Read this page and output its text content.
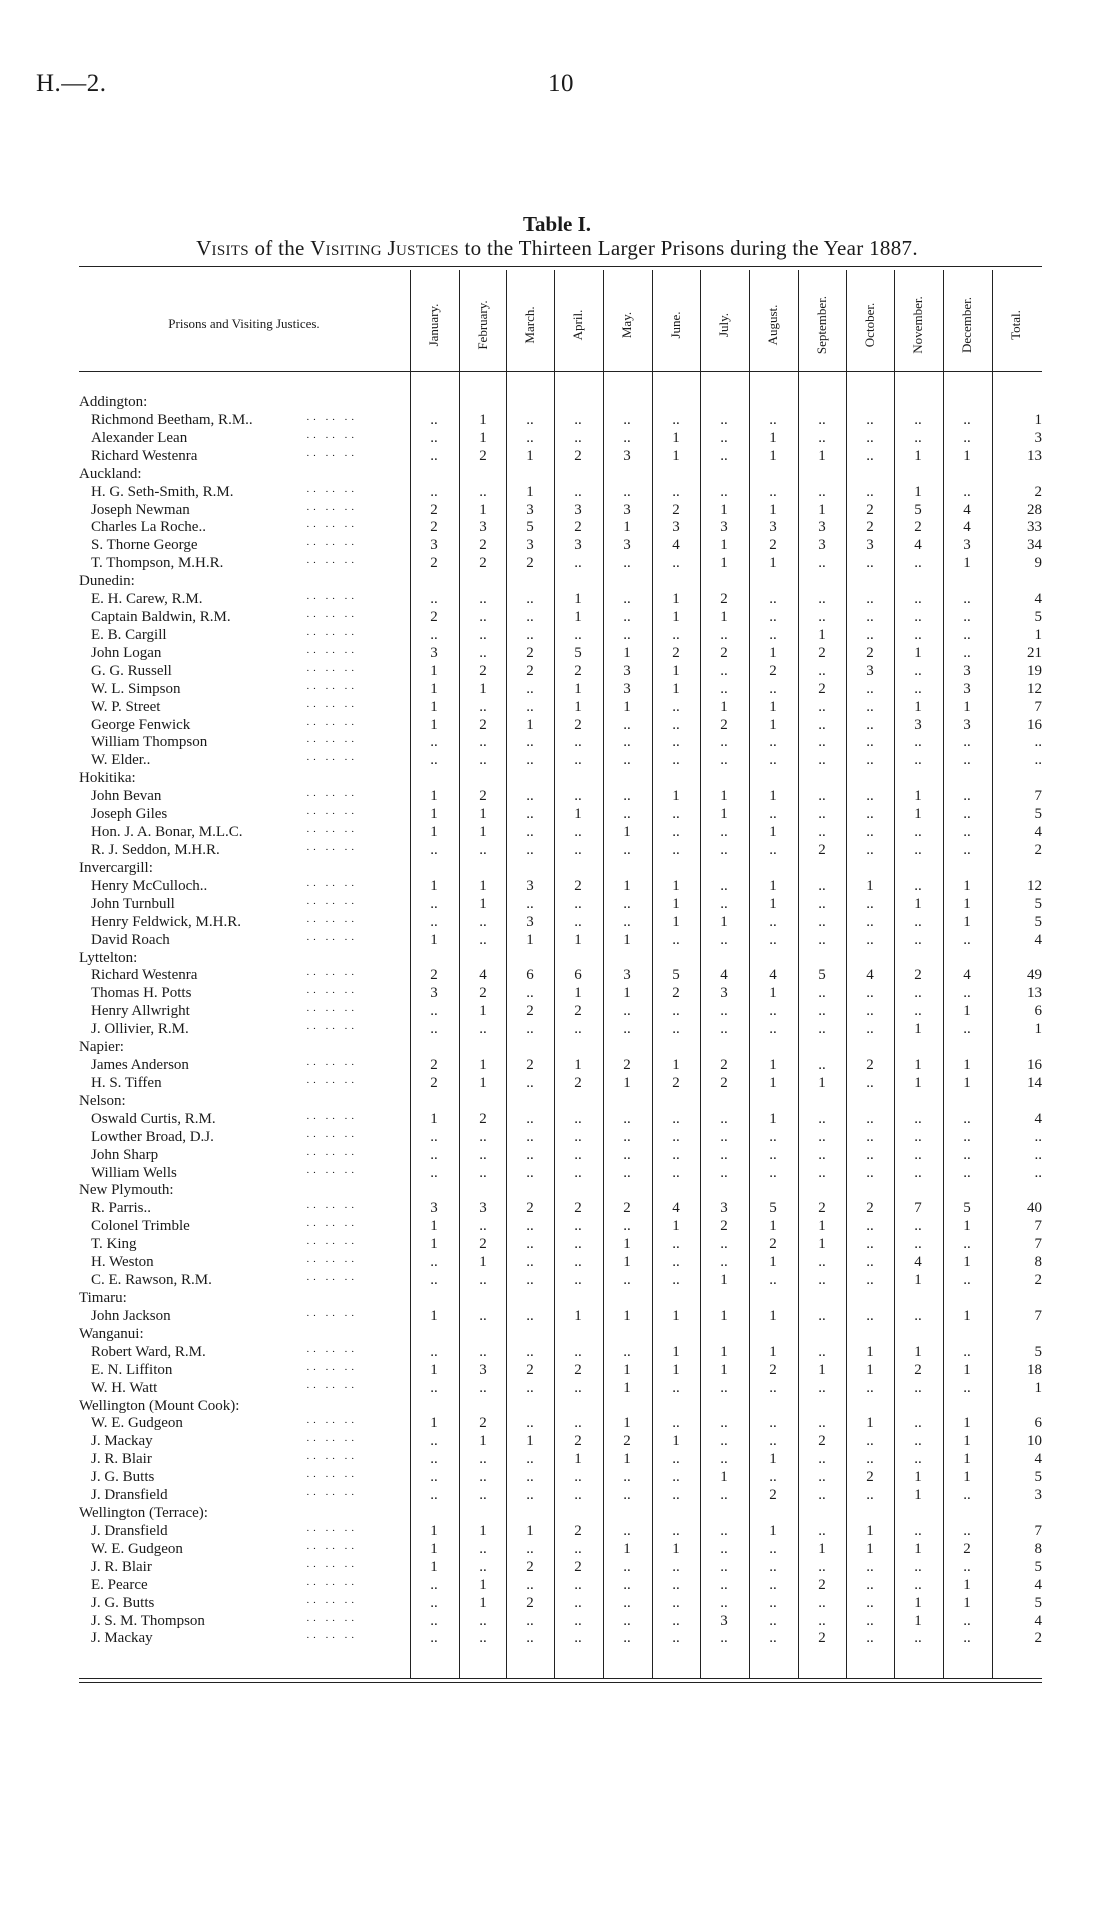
H.—2.	10
Table I.
Visits of the Visiting Justices to the Thirteen Larger Prisons during the Year 1887.
Prisons and Visiting Justices.	January.	February. March.	April.	May.	June.	July.	August.	September.	October.	November.	December.	Total.
Addington:
Richmond Beetham, R.M..	·· ·· ··	..	1	..	..	..	..	..	..	..	..	..	..	1
Alexander Lean	·· ·· ··	..	1	..	..	..	1	..	1	..	..	..	..	3
Richard Westenra	·· ·· ··	..	2	1	2	3	1	..	1	1	..	1	1	13
Auckland:
H. G. Seth-Smith, R.M.	·· ·· ··	..	..	1	..	..	..	..	..	..	..	1	..	2
Joseph Newman	·· ·· ··	2	1	3	3	3	2	1	1	1	2	5	4	28
Charles La Roche..	·· ·· ··	2	3	5	2	1	3	3	3	3	2	2	4	33
S. Thorne George	·· ·· ··	3	2	3	3	3	4	1	2	3	3	4	3	34
T. Thompson, M.H.R.	·· ·· ··	2	2	2	..	..	..	1	1	..	..	..	1	9
Dunedin:
E. H. Carew, R.M.	·· ·· ··	..	..	..	1	..	1	2	..	..	..	..	..	4
Captain Baldwin, R.M.	·· ·· ··	2	..	..	1	..	1	1	..	..	..	..	..	5
E. B. Cargill	·· ·· ··	..	..	..	..	..	..	..	..	1	..	..	..	1
John Logan	·· ·· ··	3	..	2	5	1	2	2	1	2	2	1	..	21
G. G. Russell	·· ·· ··	1	2	2	2	3	1	..	2	..	3	..	3	19
W. L. Simpson	·· ·· ··	1	1	..	1	3	1	..	..	2	..	..	3	12
W. P. Street	·· ·· ··	1	..	..	1	1	..	1	1	..	..	1	1	7
George Fenwick	·· ·· ··	1	2	1	2	..	..	2	1	..	..	3	3	16
William Thompson	·· ·· ··	..	..	..	..	..	..	..	..	..	..	..	..	..
W. Elder..	·· ·· ··	..	..	..	..	..	..	..	..	..	..	..	..	..
Hokitika:
John Bevan	·· ·· ··	1	2	..	..	..	1	1	1	..	..	1	..	7
Joseph Giles	·· ·· ··	1	1	..	1	..	..	1	..	..	..	1	..	5
Hon. J. A. Bonar, M.L.C.	·· ·· ··	1	1	..	..	1	..	..	1	..	..	..	..	4
R. J. Seddon, M.H.R.	·· ·· ··	..	..	..	..	..	..	..	..	2	..	..	..	2
Invercargill:
Henry McCulloch..	·· ·· ··	1	1	3	2	1	1	..	1	..	1	..	1	12
John Turnbull	·· ·· ··	..	1	..	..	..	1	..	1	..	..	1	1	5
Henry Feldwick, M.H.R.	·· ·· ··	..	..	3	..	..	1	1	..	..	..	..	1	5
David Roach	·· ·· ··	1	..	1	1	1	..	..	..	..	..	..	..	4
Lyttelton:
Richard Westenra	·· ·· ··	2	4	6	6	3	5	4	4	5	4	2	4	49
Thomas H. Potts	·· ·· ··	3	2	..	1	1	2	3	1	..	..	..	..	13
Henry Allwright	·· ·· ··	..	1	2	2	..	..	..	..	..	..	..	1	6
J. Ollivier, R.M.	·· ·· ··	..	..	..	..	..	..	..	..	..	..	1	..	1
Napier:
James Anderson	·· ·· ··	2	1	2	1	2	1	2	1	..	2	1	1	16
H. S. Tiffen	·· ·· ··	2	1	..	2	1	2	2	1	1	..	1	1	14
Nelson:
Oswald Curtis, R.M.	·· ·· ··	1	2	..	..	..	..	..	1	..	..	..	..	4
Lowther Broad, D.J.	·· ·· ··	..	..	..	..	..	..	..	..	..	..	..	..	..
John Sharp	·· ·· ··	..	..	..	..	..	..	..	..	..	..	..	..	..
William Wells	·· ·· ··	..	..	..	..	..	..	..	..	..	..	..	..	..
New Plymouth:
R. Parris..	·· ·· ··	3	3	2	2	2	4	3	5	2	2	7	5	40
Colonel Trimble	·· ·· ··	1	..	..	..	..	1	2	1	1	..	..	1	7
T. King	·· ·· ··	1	2	..	..	1	..	..	2	1	..	..	..	7
H. Weston	·· ·· ··	..	1	..	..	1	..	..	1	..	..	4	1	8
C. E. Rawson, R.M.	·· ·· ··	..	..	..	..	..	..	1	..	..	..	1	..	2
Timaru:
John Jackson	·· ·· ··	1	..	..	1	1	1	1	1	..	..	..	1	7
Wanganui:
Robert Ward, R.M.	·· ·· ··	..	..	..	..	..	1	1	1	..	1	1	..	5
E. N. Liffiton	·· ·· ··	1	3	2	2	1	1	1	2	1	1	2	1	18
W. H. Watt	·· ·· ··	..	..	..	..	1	..	..	..	..	..	..	..	1
Wellington (Mount Cook):
W. E. Gudgeon	·· ·· ··	1	2	..	..	1	..	..	..	..	1	..	1	6
J. Mackay	·· ·· ··	..	1	1	2	2	1	..	..	2	..	..	1	10
J. R. Blair	·· ·· ··	..	..	..	1	1	..	..	1	..	..	..	1	4
J. G. Butts	·· ·· ··	..	..	..	..	..	..	1	..	..	2	1	1	5
J. Dransfield	·· ·· ··	..	..	..	..	..	..	..	2	..	..	1	..	3
Wellington (Terrace):
J. Dransfield	·· ·· ··	1	1	1	2	..	..	..	1	..	1	..	..	7
W. E. Gudgeon	·· ·· ··	1	..	..	..	1	1	..	..	1	1	1	2	8
J. R. Blair	·· ·· ··	1	..	2	2	..	..	..	..	..	..	..	..	5
E. Pearce	·· ·· ··	..	1	..	..	..	..	..	..	2	..	..	1	4
J. G. Butts	·· ·· ··	..	1	2	..	..	..	..	..	..	..	1	1	5
J. S. M. Thompson	·· ·· ··	..	..	..	..	..	..	3	..	..	..	1	..	4
J. Mackay	·· ·· ··	..	..	..	..	..	..	..	..	2	..	..	..	2
